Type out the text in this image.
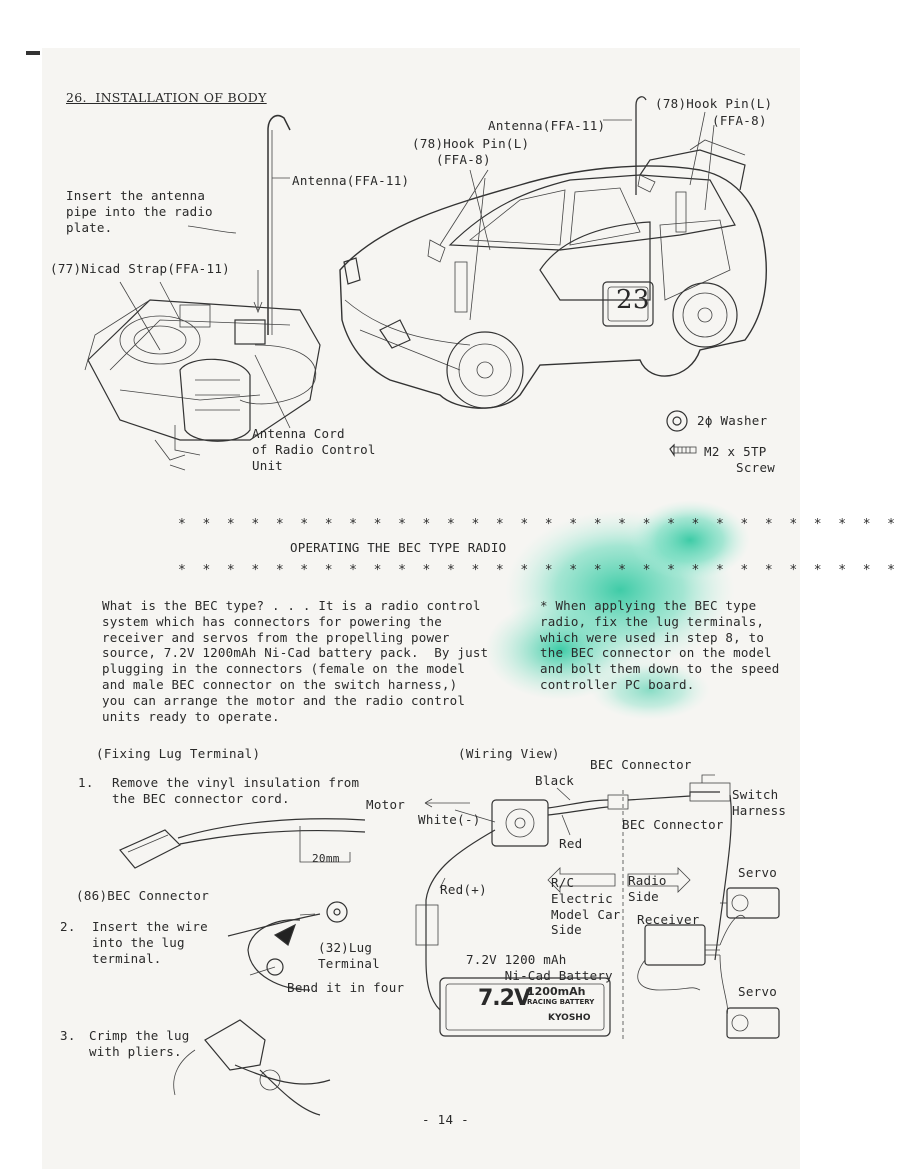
26.  INSTALLATION OF BODY
Antenna(FFA-11)
(78)Hook Pin(L)
(FFA-8)
(78)Hook Pin(L)
(FFA-8)
Antenna(FFA-11)
Insert the antenna
pipe into the radio
plate.
(77)Nicad Strap(FFA-11)
Antenna Cord
of Radio Control
Unit
23
2ϕ Washer
M2 x 5TP
Screw
* * * * * * * * * * * * * * * * * * * * * * * * * * * * * *
OPERATING THE BEC TYPE RADIO
* * * * * * * * * * * * * * * * * * * * * * * * * * * * * *
What is the BEC type? . . . It is a radio control
system which has connectors for powering the
receiver and servos from the propelling power
source, 7.2V 1200mAh Ni-Cad battery pack.  By just
plugging in the connectors (female on the model
and male BEC connector on the switch harness,)
you can arrange the motor and the radio control
units ready to operate.
* When applying the BEC type
radio, fix the lug terminals,
which were used in step 8, to
the BEC connector on the model
and bolt them down to the speed
controller PC board.
(Fixing Lug Terminal)
1. Remove the vinyl insulation from
the BEC connector cord.
20mm
(86)BEC Connector
2. Insert the wire
into the lug
terminal.
(32)Lug
Terminal
Bend it in four
3. Crimp the lug
with pliers.
(Wiring View)
BEC Connector
Black
Switch
Harness
Motor
White(-)	BEC Connector
Red
Servo
R/C
Electric
Model Car
Side
Radio
Side
Red(+)
Receiver
7.2V 1200 mAh
Ni-Cad Battery
Servo
7.2V
1200mAh
RACING BATTERY
KYOSHO
- 14 -
